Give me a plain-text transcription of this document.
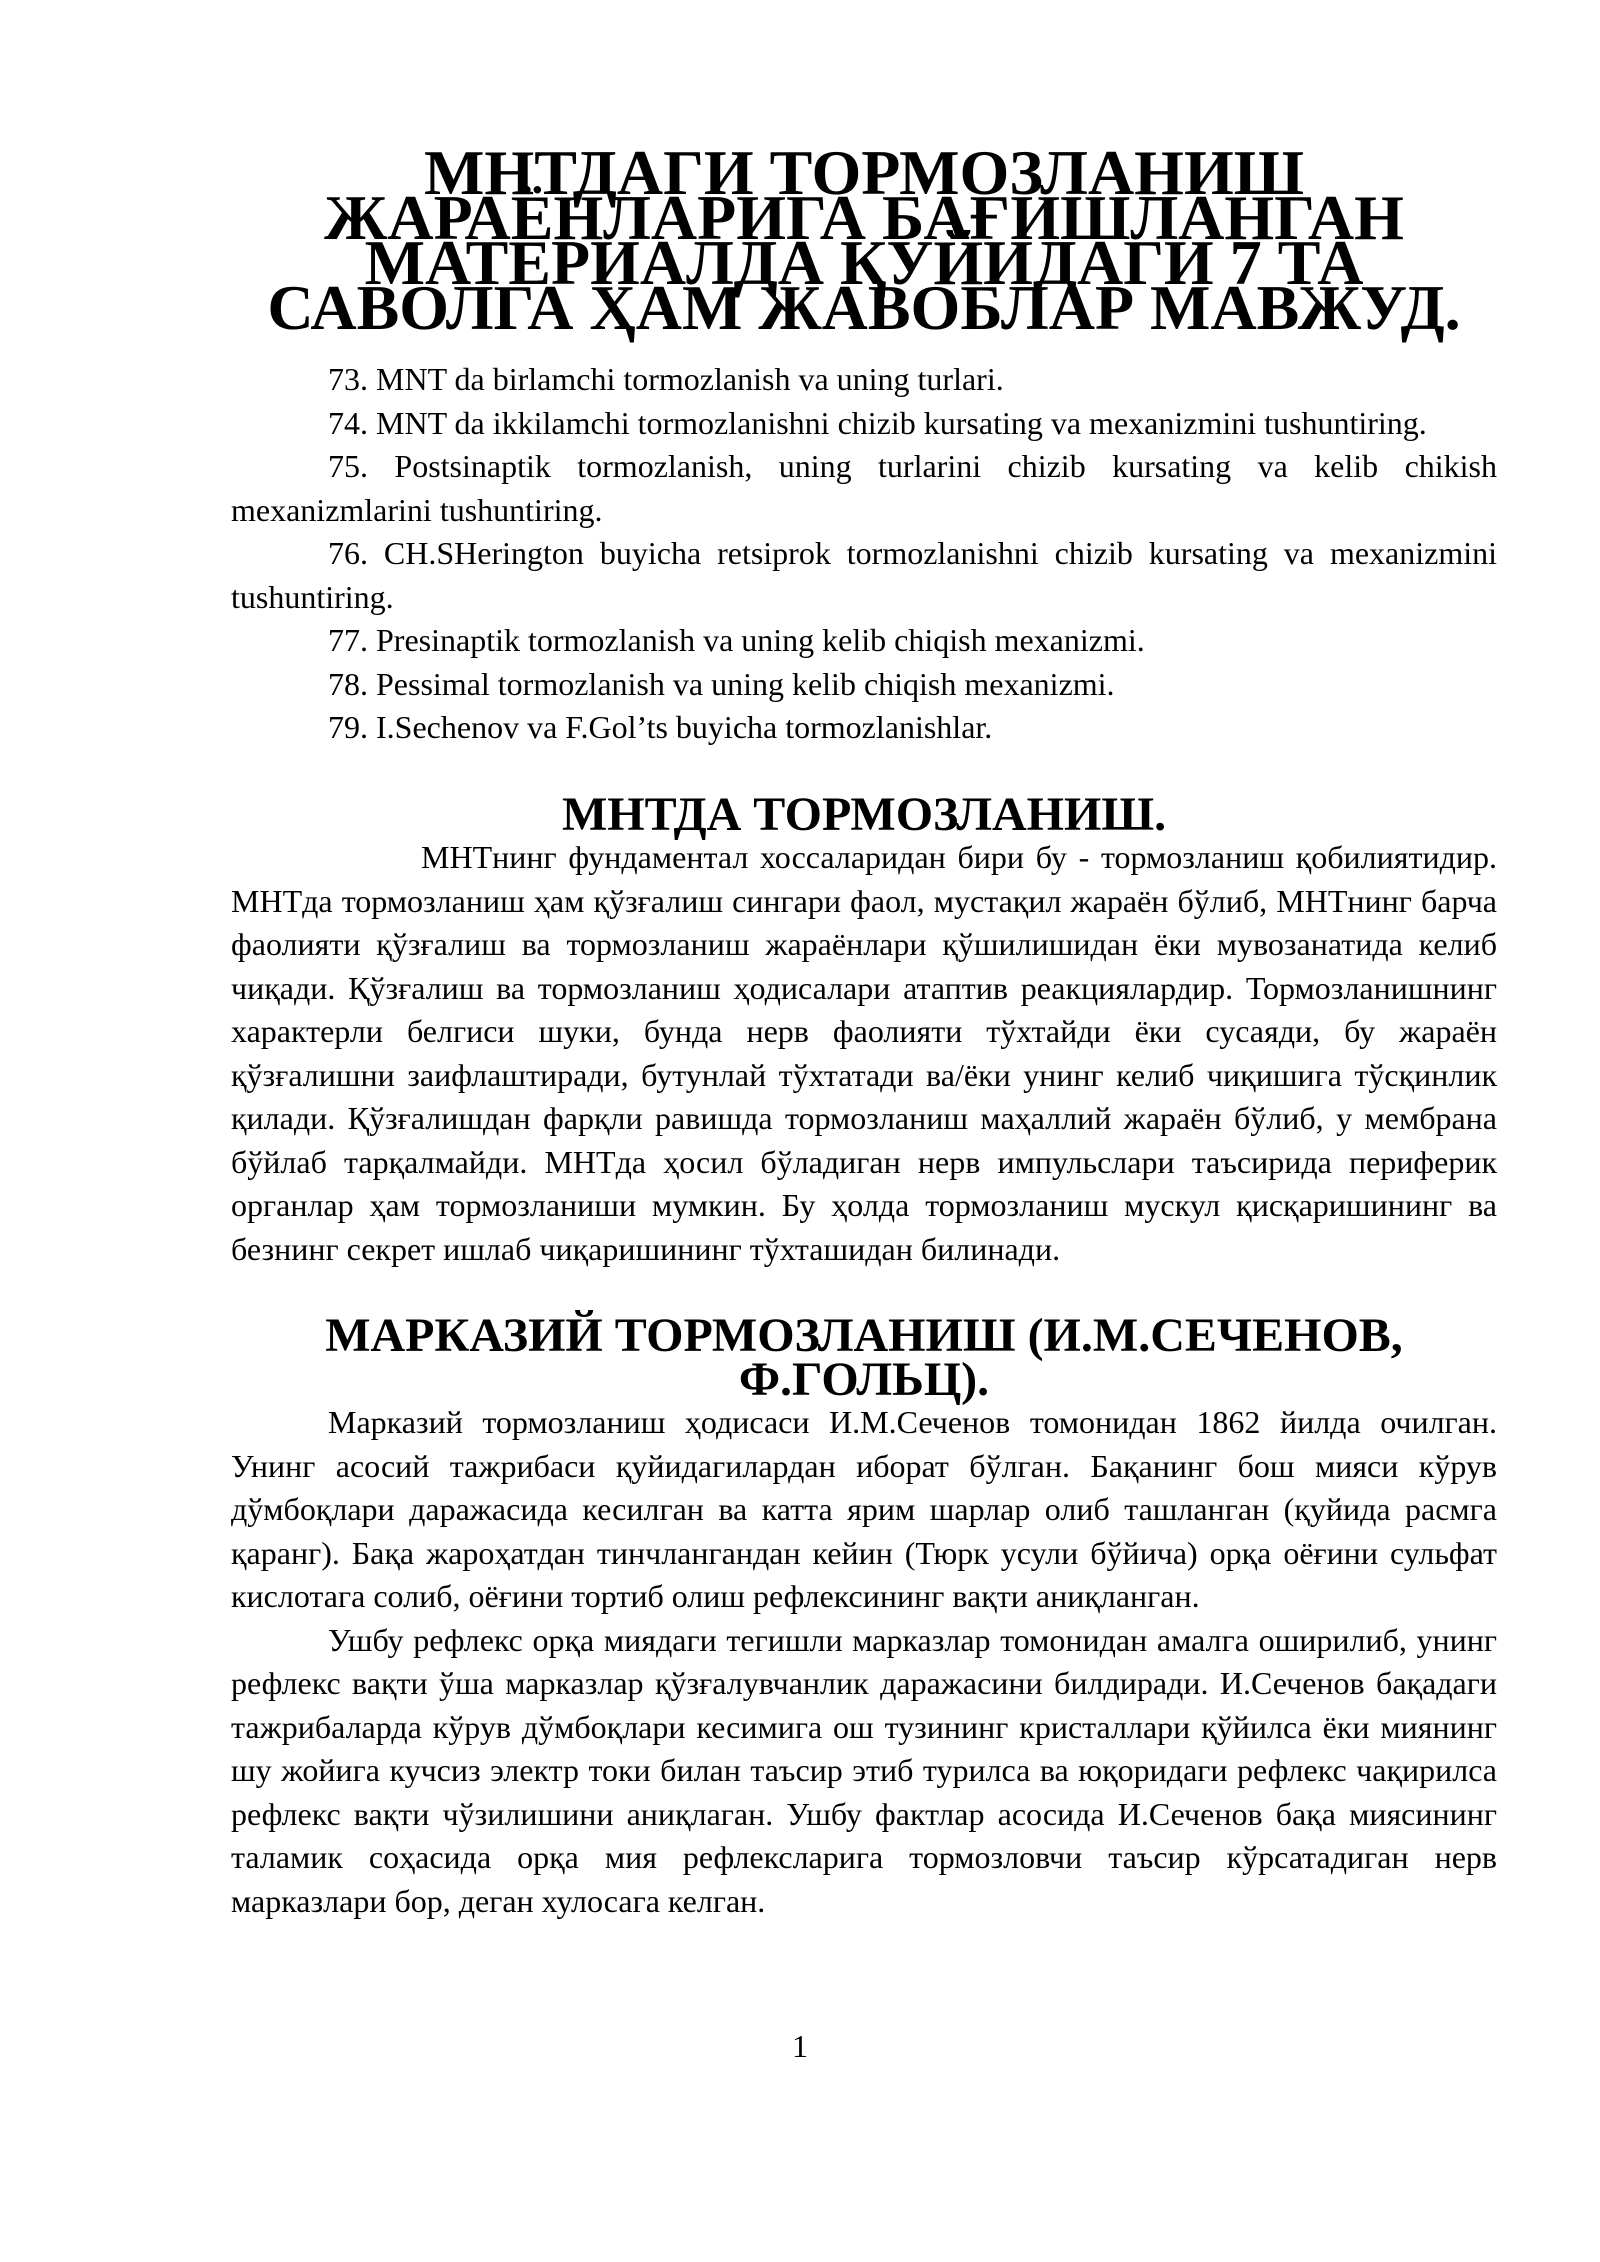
МНТДАГИ ТОРМОЗЛАНИШ ЖАРАЁНЛАРИГА БАҒИШЛАНГАН МАТЕРИАЛДА ҚУЙИДАГИ 7 ТА САВОЛГА ҲАМ ЖАВОБЛАР МАВЖУД.
73. MNT da birlamchi tormozlanish va uning turlari.
74. MNT da ikkilamchi tormozlanishni chizib kursating va mexanizmini tushuntiring.
75. Postsinaptik tormozlanish, uning turlarini chizib kursating va kelib chikish mexanizmlarini tushuntiring.
76. CH.SHerington buyicha retsiprok tormozlanishni chizib kursating va mexanizmini tushuntiring.
77. Presinaptik tormozlanish va uning kelib chiqish mexanizmi.
78. Pessimal tormozlanish va uning kelib chiqish mexanizmi.
79. I.Sechenov va F.Gol’ts buyicha tormozlanishlar.
МНТДА ТОРМОЗЛАНИШ.

МНТнинг фундаментал хоссаларидан бири бу - тормозланиш қобилиятидир. МНТда тормозланиш ҳам қўзғалиш сингари фаол, мустақил жараён бўлиб, МНТнинг барча фаолияти қўзғалиш ва тормозланиш жараёнлари қўшилишидан ёки мувозанатида келиб чиқади. Қўзғалиш ва тормозланиш ҳодисалари атаптив реакциялардир. Тормозланишнинг характерли белгиси шуки, бунда нерв фаолияти тўхтайди ёки сусаяди, бу жараён қўзғалишни заифлаштиради, бутунлай тўхтатади ва/ёки унинг келиб чиқишига тўсқинлик қилади. Қўзғалишдан фарқли равишда тормозланиш маҳаллий жараён бўлиб, у мембрана бўйлаб тарқалмайди. МНТда ҳосил бўладиган нерв импульслари таъсирида периферик органлар ҳам тормозланиши мумкин. Бу ҳолда тормозланиш мускул қисқаришининг ва безнинг секрет ишлаб чиқаришининг тўхташидан билинади.

МАРКАЗИЙ ТОРМОЗЛАНИШ (И.М.СЕЧЕНОВ, Ф.ГОЛЬЦ).

Марказий тормозланиш ҳодисаси И.М.Сеченов томонидан 1862 йилда очилган. Унинг асосий тажрибаси қуйидагилардан иборат бўлган. Бақанинг бош мияси кўрув дўмбоқлари даражасида кесилган ва катта ярим шарлар олиб ташланган (қуйида расмга қаранг). Бақа жароҳатдан тинчлангандан кейин (Тюрк усули бўйича) орқа оёғини сульфат кислотага солиб, оёғини тортиб олиш рефлексининг вақти аниқланган.

Ушбу рефлекс орқа миядаги тегишли марказлар томонидан амалга оширилиб, унинг рефлекс вақти ўша марказлар қўзғалувчанлик даражасини билдиради. И.Сеченов бақадаги тажрибаларда кўрув дўмбоқлари кесимига ош тузининг кристаллари қўйилса ёки миянинг шу жойига кучсиз электр токи билан таъсир этиб турилса ва юқоридаги рефлекс чақирилса рефлекс вақти чўзилишини аниқлаган. Ушбу фактлар асосида И.Сеченов бақа миясининг таламик соҳасида орқа мия рефлексларига тормозловчи таъсир кўрсатадиган нерв марказлари бор, деган хулосага келган.

1
